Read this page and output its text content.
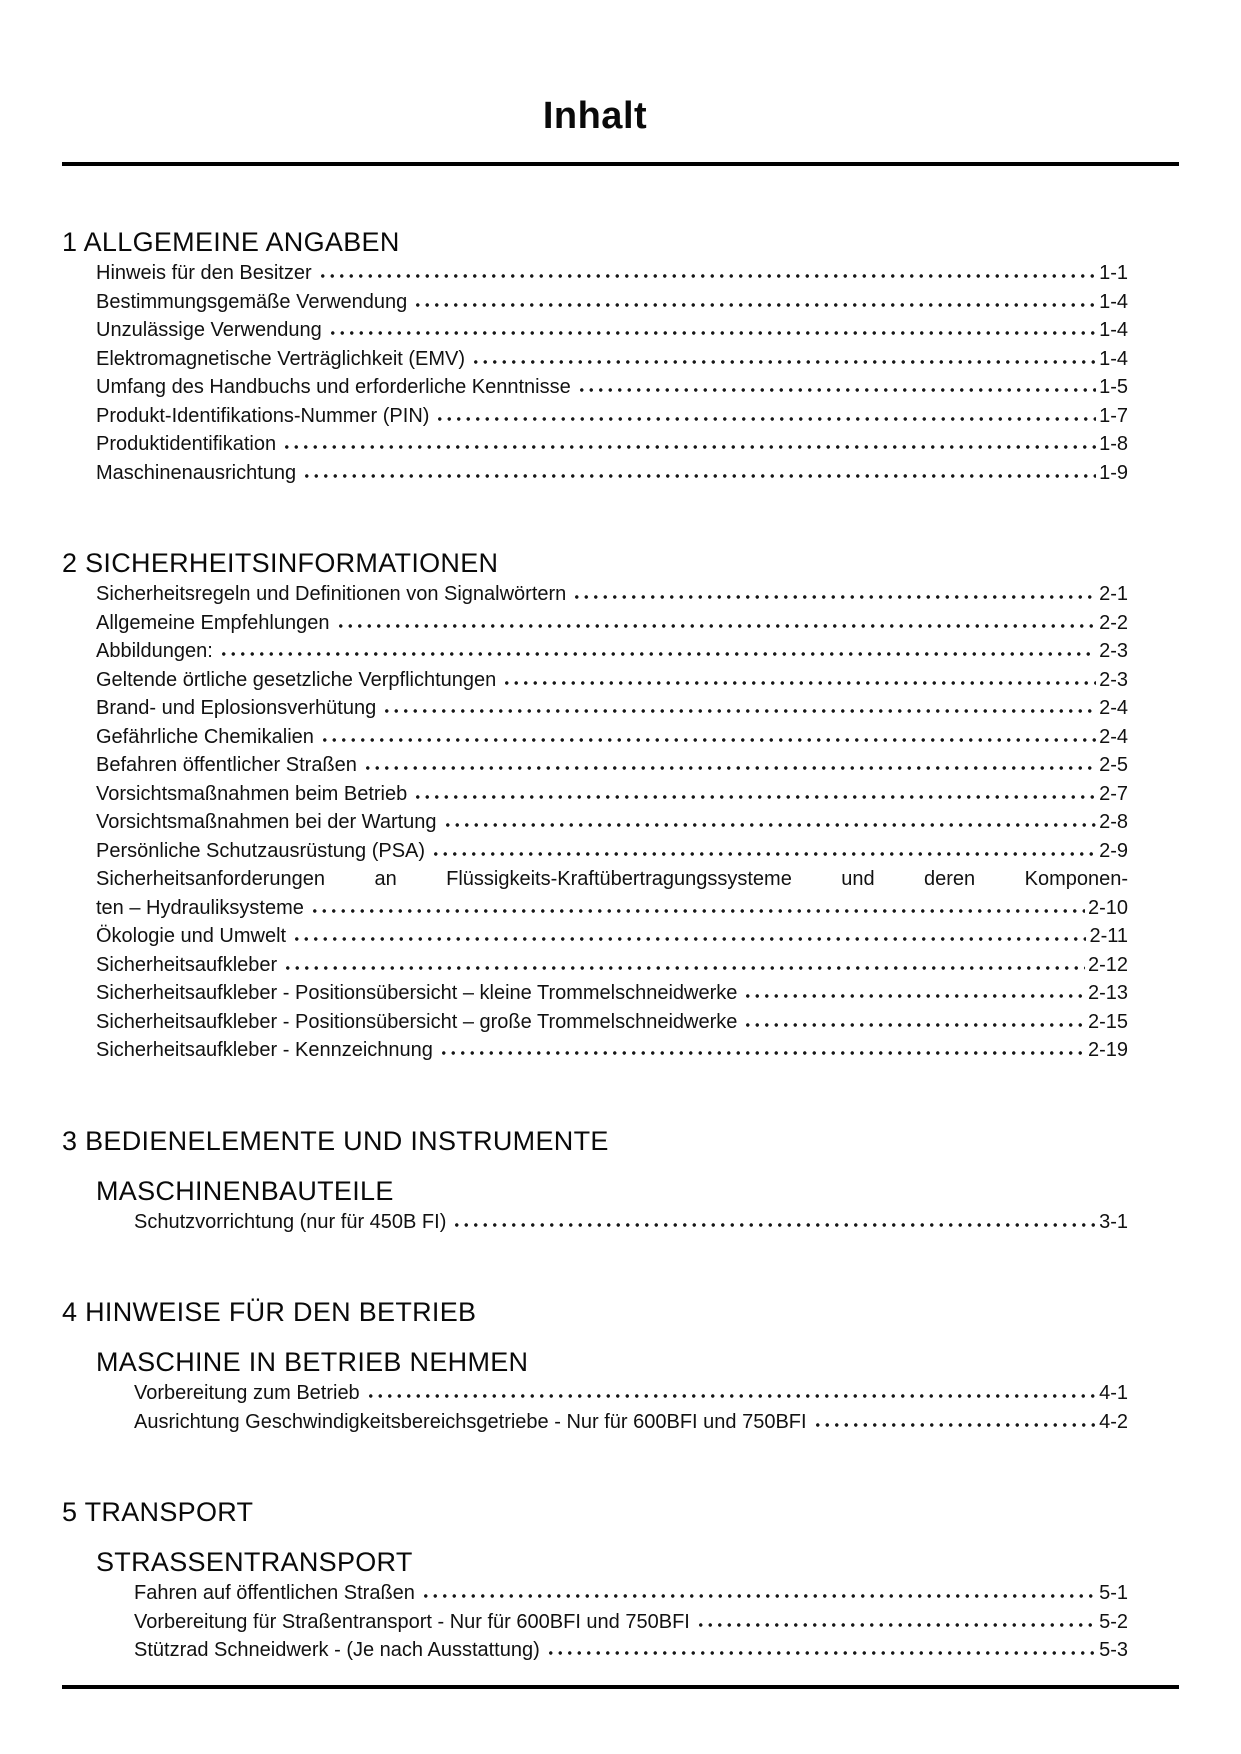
Inhalt
1 ALLGEMEINE ANGABEN
Hinweis für den Besitzer	1-1
Bestimmungsgemäße Verwendung	1-4
Unzulässige Verwendung	1-4
Elektromagnetische Verträglichkeit (EMV)	1-4
Umfang des Handbuchs und erforderliche Kenntnisse	1-5
Produkt-Identifikations-Nummer (PIN)	1-7
Produktidentifikation	1-8
Maschinenausrichtung	1-9
2 SICHERHEITSINFORMATIONEN
Sicherheitsregeln und Definitionen von Signalwörtern	2-1
Allgemeine Empfehlungen	2-2
Abbildungen:	2-3
Geltende örtliche gesetzliche Verpflichtungen	2-3
Brand- und Eplosionsverhütung	2-4
Gefährliche Chemikalien	2-4
Befahren öffentlicher Straßen	2-5
Vorsichtsmaßnahmen beim Betrieb	2-7
Vorsichtsmaßnahmen bei der Wartung	2-8
Persönliche Schutzausrüstung (PSA)	2-9
Sicherheitsanforderungen an Flüssigkeits-Kraftübertragungssysteme und deren Komponen-
ten – Hydrauliksysteme	2-10
Ökologie und Umwelt	2-11
Sicherheitsaufkleber	2-12
Sicherheitsaufkleber - Positionsübersicht – kleine Trommelschneidwerke	2-13
Sicherheitsaufkleber - Positionsübersicht – große Trommelschneidwerke	2-15
Sicherheitsaufkleber - Kennzeichnung	2-19
3 BEDIENELEMENTE UND INSTRUMENTE
MASCHINENBAUTEILE
Schutzvorrichtung (nur für 450B FI)	3-1
4 HINWEISE FÜR DEN BETRIEB
MASCHINE IN BETRIEB NEHMEN
Vorbereitung zum Betrieb	4-1
Ausrichtung Geschwindigkeitsbereichsgetriebe - Nur für 600BFI und 750BFI	4-2
5 TRANSPORT
STRASSENTRANSPORT
Fahren auf öffentlichen Straßen	5-1
Vorbereitung für Straßentransport - Nur für 600BFI und 750BFI	5-2
Stützrad Schneidwerk - (Je nach Ausstattung)	5-3
